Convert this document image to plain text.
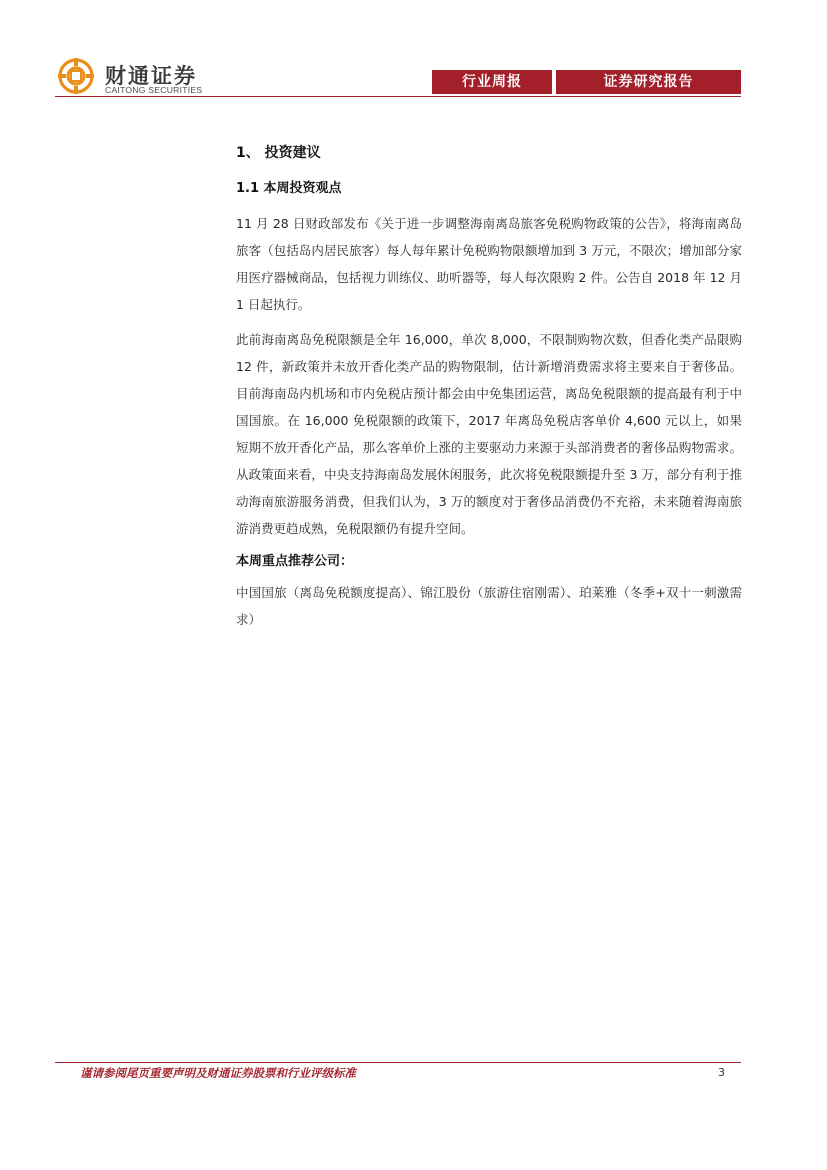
财通证券
CAITONG SECURITIES	行业周报	证券研究报告
1、 投资建议
1.1 本周投资观点

11 月 28 日财政部发布《关于进一步调整海南离岛旅客免税购物政策的公告》，将海南离岛旅客（包括岛内居民旅客）每人每年累计免税购物限额增加到 3 万元，不限次；增加部分家用医疗器械商品，包括视力训练仪、助听器等，每人每次限购 2 件。公告自 2018 年 12 月 1 日起执行。

此前海南离岛免税限额是全年 16,000，单次 8,000，不限制购物次数，但香化类产品限购 12 件，新政策并未放开香化类产品的购物限制，估计新增消费需求将主要来自于奢侈品。目前海南岛内机场和市内免税店预计都会由中免集团运营，离岛免税限额的提高最有利于中国国旅。在 16,000 免税限额的政策下，2017 年离岛免税店客单价 4,600 元以上，如果短期不放开香化产品，那么客单价上涨的主要驱动力来源于头部消费者的奢侈品购物需求。从政策面来看，中央支持海南岛发展休闲服务，此次将免税限额提升至 3 万，部分有利于推动海南旅游服务消费，但我们认为，3 万的额度对于奢侈品消费仍不充裕，未来随着海南旅游消费更趋成熟，免税限额仍有提升空间。

本周重点推荐公司：

中国国旅（离岛免税额度提高）、锦江股份（旅游住宿刚需）、珀莱雅（冬季+双十一刺激需求）

谨请参阅尾页重要声明及财通证券股票和行业评级标准	3
